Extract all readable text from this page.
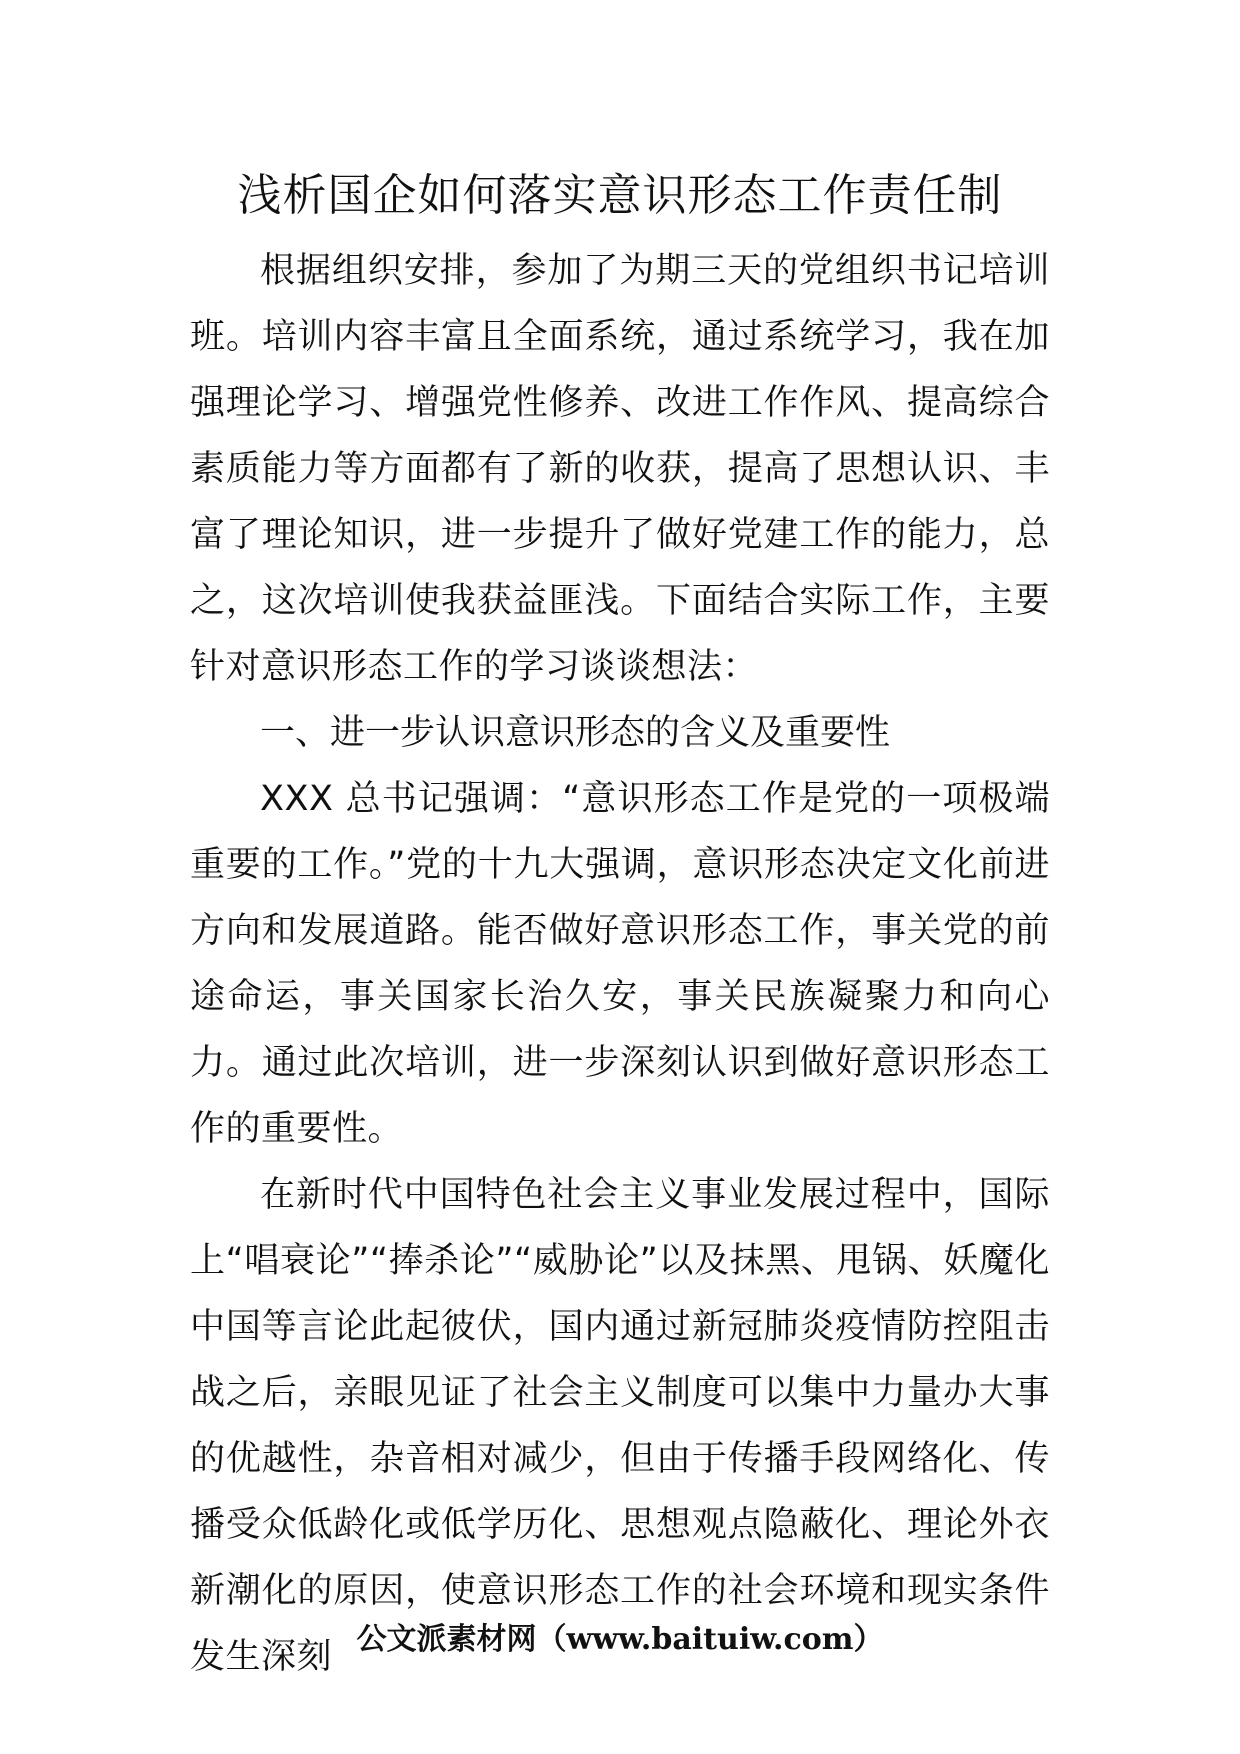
浅析国企如何落实意识形态工作责任制

根据组织安排，参加了为期三天的党组织书记培训班。培训内容丰富且全面系统，通过系统学习，我在加强理论学习、增强党性修养、改进工作作风、提高综合素质能力等方面都有了新的收获，提高了思想认识、丰富了理论知识，进一步提升了做好党建工作的能力，总之，这次培训使我获益匪浅。下面结合实际工作，主要针对意识形态工作的学习谈谈想法：

一、进一步认识意识形态的含义及重要性

XXX 总书记强调：“意识形态工作是党的一项极端重要的工作。”党的十九大强调，意识形态决定文化前进方向和发展道路。能否做好意识形态工作，事关党的前途命运，事关国家长治久安，事关民族凝聚力和向心力。通过此次培训，进一步深刻认识到做好意识形态工作的重要性。

在新时代中国特色社会主义事业发展过程中，国际上“唱衰论”“捧杀论”“威胁论”以及抹黑、甩锅、妖魔化中国等言论此起彼伏，国内通过新冠肺炎疫情防控阻击战之后，亲眼见证了社会主义制度可以集中力量办大事的优越性，杂音相对减少，但由于传播手段网络化、传播受众低龄化或低学历化、思想观点隐蔽化、理论外衣新潮化的原因，使意识形态工作的社会环境和现实条件发生深刻 公文派素材网（www.baituiw.com）
